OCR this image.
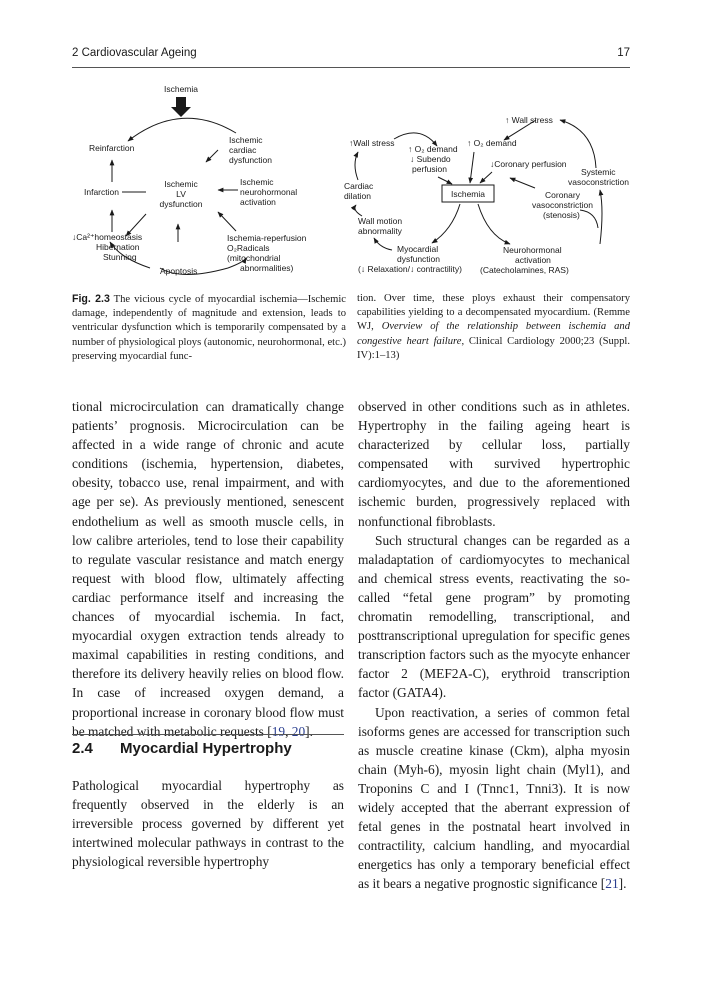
2 Cardiovascular Ageing	17
Ischemia
Reinfarction
Infarction
↓Ca²⁺homeostasis
Hibernation
Stunning
Apoptosis
Ischemic
LV
dysfunction
Ischemic
cardiac
dysfunction
Ischemic
neurohormonal
activation
Ischemia-reperfusion
O₂Radicals
(mitochondrial
abnormalities)
↑ Wall stress
↑Wall stress
↑ O₂ demand
↓ Subendo
perfusion
↑ O₂ demand
↓Coronary perfusion
Systemic
vasoconstriction
Cardiac
dilation	Ischemia	Coronary
vasoconstriction
(stenosis)
Wall motion
abnormality
Myocardial
dysfunction
(↓ Relaxation/↓ contractility)
Neurohormonal
activation
(Catecholamines, RAS)
Fig. 2.3 The vicious cycle of myocardial ischemia—Ischemic damage, independently of magnitude and extension, leads to ventricular dysfunction which is temporarily compensated by a number of physiological ploys (autonomic, neurohormonal, etc.) preserving myocardial func-
tion. Over time, these ploys exhaust their compensatory capabilities yielding to a decompensated myocardium. (Remme WJ, Overview of the relationship between ischemia and congestive heart failure, Clinical Cardiology 2000;23 (Suppl. IV):1–13)

tional microcirculation can dramatically change patients’ prognosis. Microcirculation can be affected in a wide range of chronic and acute conditions (ischemia, hypertension, diabetes, obesity, tobacco use, renal impairment, and with age per se). As previously mentioned, senescent endothelium as well as smooth muscle cells, in low calibre arterioles, tend to lose their capability to regulate vascular resistance and match energy request with blood flow, ultimately affecting cardiac performance itself and increasing the chances of myocardial ischemia. In fact, myocardial oxygen extraction tends already to maximal capabilities in resting conditions, and therefore its delivery heavily relies on blood flow. In case of increased oxygen demand, a proportional increase in coronary blood flow must be matched with metabolic requests [19, 20].

2.4 Myocardial Hypertrophy

Pathological myocardial hypertrophy as frequently observed in the elderly is an irreversible process governed by different yet intertwined molecular pathways in contrast to the physiological reversible hypertrophy

observed in other conditions such as in athletes. Hypertrophy in the failing ageing heart is characterized by cellular loss, partially compensated with survived hypertrophic cardiomyocytes, and due to the aforementioned ischemic burden, progressively replaced with nonfunctional fibroblasts.

Such structural changes can be regarded as a maladaptation of cardiomyocytes to mechanical and chemical stress events, reactivating the so-called “fetal gene program” by promoting chromatin remodelling, transcriptional, and posttranscriptional upregulation for specific genes transcription factors such as the myocyte enhancer factor 2 (MEF2A-C), erythroid transcription factor (GATA4).

Upon reactivation, a series of common fetal isoforms genes are accessed for transcription such as muscle creatine kinase (Ckm), alpha myosin chain (Myh-6), myosin light chain (Myl1), and Troponins C and I (Tnnc1, Tnni3). It is now widely accepted that the aberrant expression of fetal genes in the postnatal heart involved in contractility, calcium handling, and myocardial energetics has only a temporary beneficial effect as it bears a negative prognostic significance [21].
